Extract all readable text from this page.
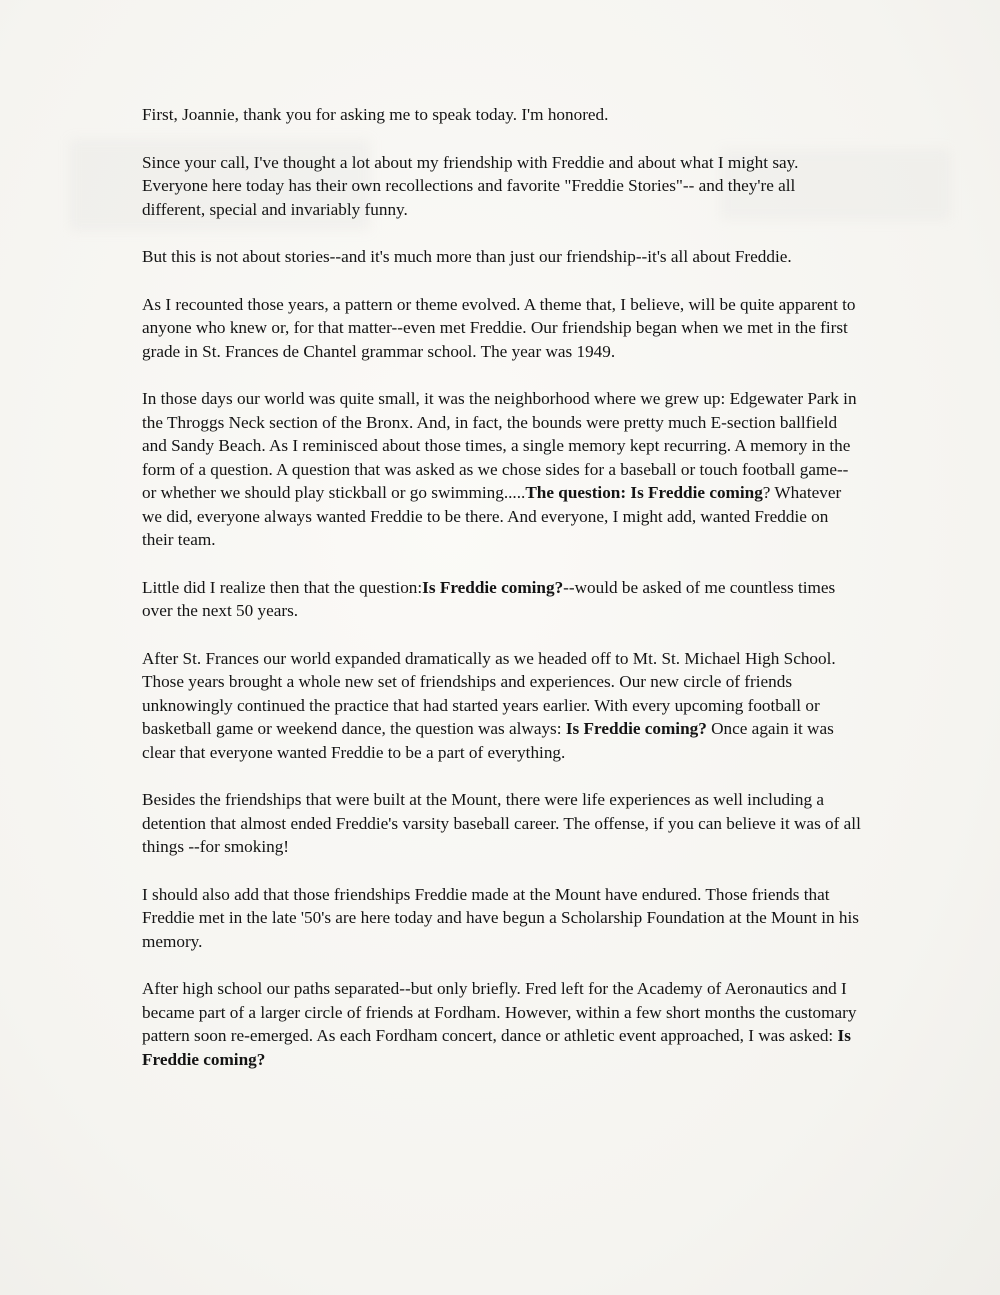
First, Joannie, thank you for asking me to speak today. I'm honored.

Since your call, I've thought a lot about my friendship with Freddie and about what I might say. Everyone here today has their own recollections and favorite "Freddie Stories"-- and they're all different, special and invariably funny.

But this is not about stories--and it's much more than just our friendship--it's all about Freddie.

As I recounted those years, a pattern or theme evolved. A theme that, I believe, will be quite apparent to anyone who knew or, for that matter--even met Freddie. Our friendship began when we met in the first grade in St. Frances de Chantel grammar school. The year was 1949.

In those days our world was quite small, it was the neighborhood where we grew up: Edgewater Park in the Throggs Neck section of the Bronx. And, in fact, the bounds were pretty much E-section ballfield and Sandy Beach. As I reminisced about those times, a single memory kept recurring. A memory in the form of a question. A question that was asked as we chose sides for a baseball or touch football game--or whether we should play stickball or go swimming.....The question: Is Freddie coming? Whatever we did, everyone always wanted Freddie to be there. And everyone, I might add, wanted Freddie on their team.

Little did I realize then that the question:Is Freddie coming?--would be asked of me countless times over the next 50 years.

After St. Frances our world expanded dramatically as we headed off to Mt. St. Michael High School. Those years brought a whole new set of friendships and experiences. Our new circle of friends unknowingly continued the practice that had started years earlier. With every upcoming football or basketball game or weekend dance, the question was always: Is Freddie coming? Once again it was clear that everyone wanted Freddie to be a part of everything.

Besides the friendships that were built at the Mount, there were life experiences as well including a detention that almost ended Freddie's varsity baseball career. The offense, if you can believe it was of all things --for smoking!

I should also add that those friendships Freddie made at the Mount have endured. Those friends that Freddie met in the late '50's are here today and have begun a Scholarship Foundation at the Mount in his memory.

After high school our paths separated--but only briefly. Fred left for the Academy of Aeronautics and I became part of a larger circle of friends at Fordham. However, within a few short months the customary pattern soon re-emerged. As each Fordham concert, dance or athletic event approached, I was asked: Is Freddie coming?
